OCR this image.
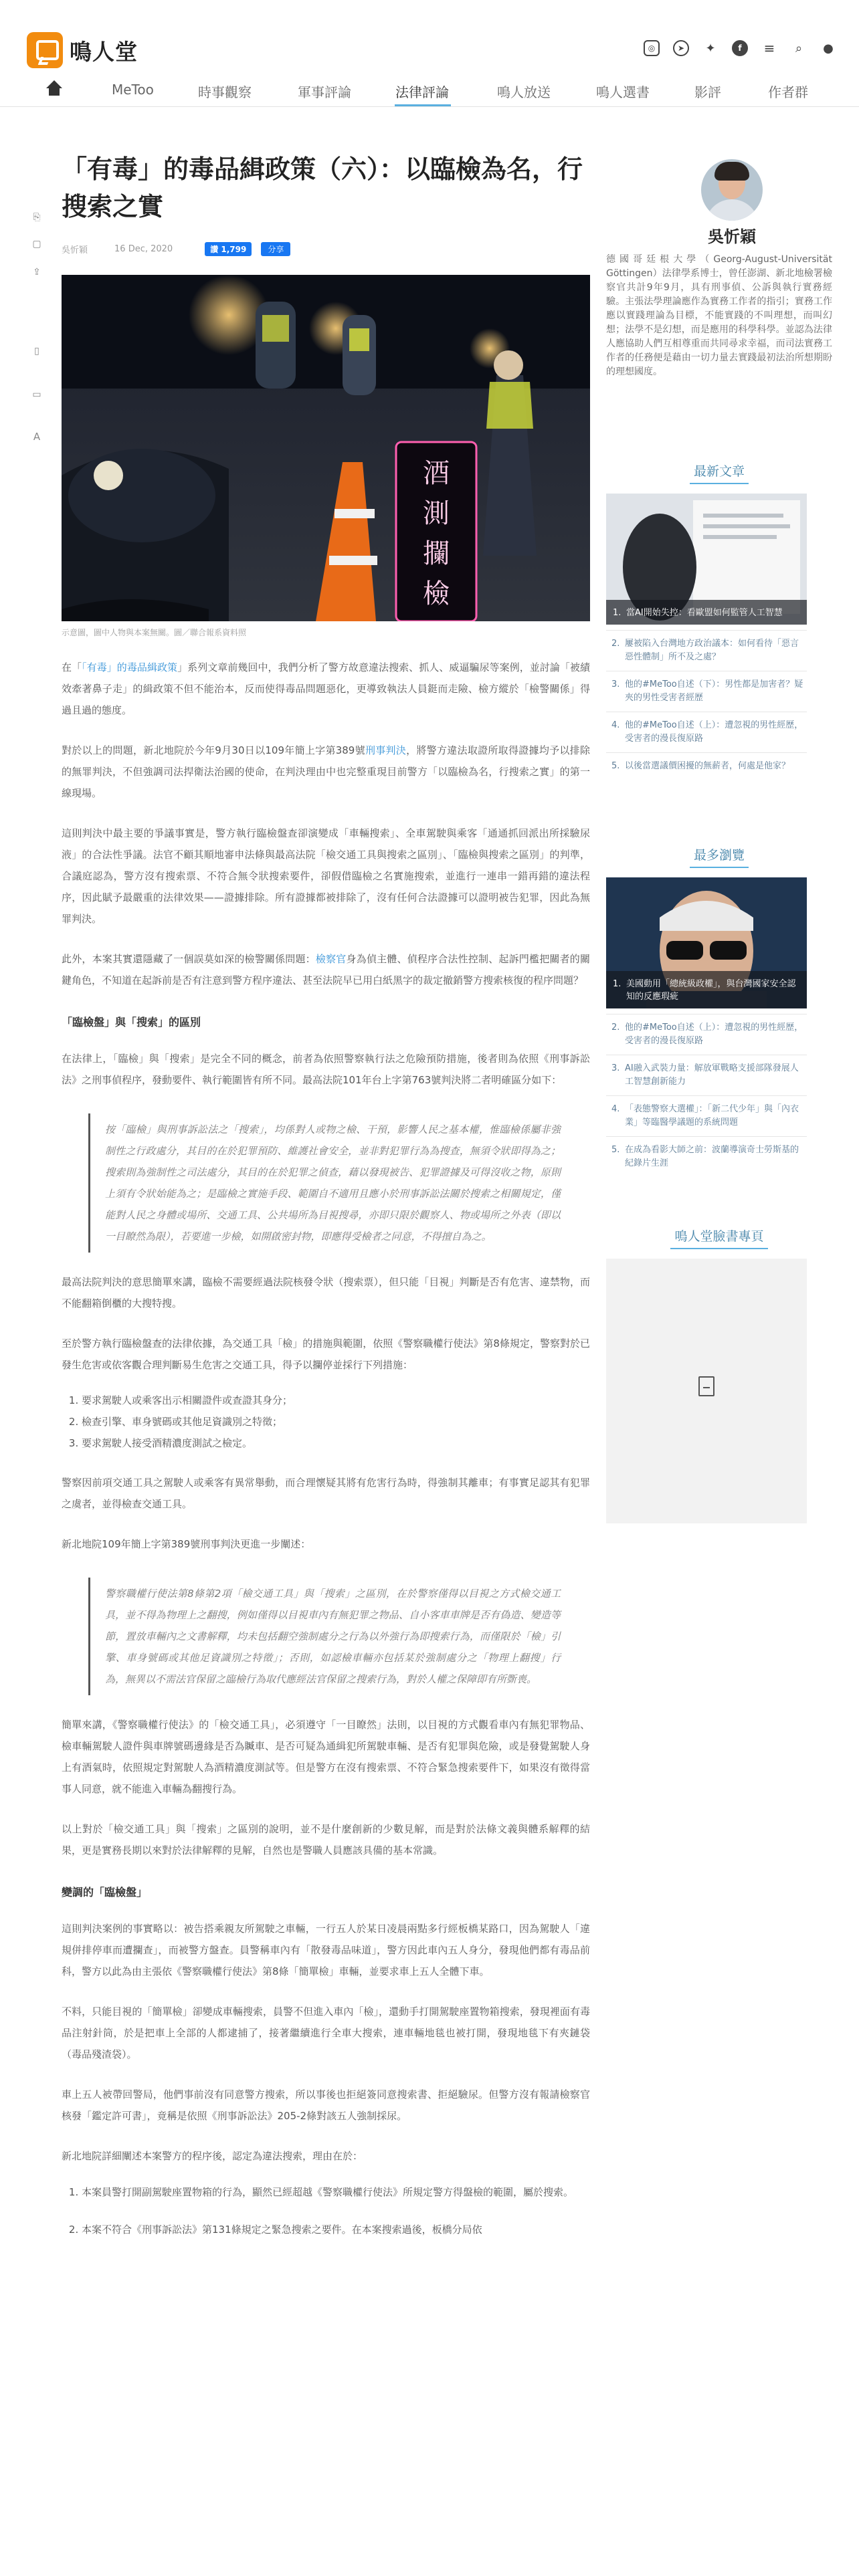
鳴人堂	◎	➤	✦	f	≡	⌕	●
MeToo	時事觀察	軍事評論	法律評論	鳴人放送	鳴人選書	影評	作者群
⎘
▢
⇪
▯
▭
A
「有毒」的毒品緝政策（六）：以臨檢為名，行搜索之實
吳忻穎	16 Dec, 2020	讚 1,799	分享
酒
測
攔
檢
示意圖，圖中人物與本案無關。圖／聯合報系資料照

在「「有毒」的毒品緝政策」系列文章前幾回中，我們分析了警方故意違法搜索、抓人、威逼騙尿等案例，並討論「被績效牽著鼻子走」的緝政策不但不能治本，反而使得毒品問題惡化，更導致執法人員鋌而走險、檢方縱於「檢警關係」得過且過的態度。

對於以上的問題，新北地院於今年9月30日以109年簡上字第389號刑事判決，將警方違法取證所取得證據均予以排除的無罪判決，不但強調司法捍衛法治國的使命，在判決理由中也完整重現目前警方「以臨檢為名，行搜索之實」的第一線現場。

這則判決中最主要的爭議事實是，警方執行臨檢盤查卻演變成「車輛搜索」、全車駕駛與乘客「通通抓回派出所採驗尿液」的合法性爭議。法官不顧其順地審申法條與最高法院「檢交通工具與搜索之區別」、「臨檢與搜索之區別」的判準，合議庭認為，警方沒有搜索票、不符合無令狀搜索要件，卻假借臨檢之名實施搜索，並進行一連串一錯再錯的違法程序，因此賦予最嚴重的法律效果——證據排除。所有證據都被排除了，沒有任何合法證據可以證明被告犯罪，因此為無罪判決。

此外，本案其實還隱藏了一個誤莫如深的檢警關係問題：檢察官身為偵主體、偵程序合法性控制、起訴門檻把關者的關鍵角色，不知道在起訴前是否有注意到警方程序違法、甚至法院早已用白紙黑字的裁定撤銷警方搜索核復的程序問題？

「臨檢盤」與「搜索」的區別

在法律上，「臨檢」與「搜索」是完全不同的概念，前者為依照警察執行法之危險預防措施，後者則為依照《刑事訴訟法》之刑事偵程序，發動要件、執行範圍皆有所不同。最高法院101年台上字第763號判決將二者明確區分如下：

按「臨檢」與刑事訴訟法之「搜索」，均係對人或物之檢、干預，影響人民之基本權，惟臨檢係屬非強制性之行政處分，其目的在於犯罪預防、維護社會安全，並非對犯罪行為為搜查，無須令狀即得為之；搜索則為強制性之司法處分，其目的在於犯罪之偵查，藉以發現被告、犯罪證據及可得沒收之物，原則上須有令狀始能為之；是臨檢之實施手段、範圍自不適用且應小於刑事訴訟法關於搜索之相關規定，僅能對人民之身體或場所、交通工具、公共場所為目視搜尋，亦即只限於觀察人、物或場所之外表（即以一目瞭然為限），若要進一步檢，如開啟密封物，即應得受檢者之同意，不得擅自為之。

最高法院判決的意思簡單來講，臨檢不需要經過法院核發令狀（搜索票），但只能「目視」判斷是否有危害、違禁物，而不能翻箱倒櫃的大搜特搜。

至於警方執行臨檢盤查的法律依據，為交通工具「檢」的措施與範圍，依照《警察職權行使法》第8條規定，警察對於已發生危害或依客觀合理判斷易生危害之交通工具，得予以攔停並採行下列措施：

1. 要求駕駛人或乘客出示相關證件或查證其身分；
2. 檢查引擎、車身號碼或其他足資識別之特徵；
3. 要求駕駛人接受酒精濃度測試之檢定。

警察因前項交通工具之駕駛人或乘客有異常舉動，而合理懷疑其將有危害行為時，得強制其離車；有事實足認其有犯罪之虞者，並得檢查交通工具。

新北地院109年簡上字第389號刑事判決更進一步闡述：

警察職權行使法第8條第2項「檢交通工具」與「搜索」之區別，在於警察僅得以目視之方式檢交通工具，並不得為物理上之翻搜，例如僅得以目視車內有無犯罪之物品、自小客車車牌是否有偽造、變造等節，置放車輛內之文書解釋，均未包括翻空強制處分之行為以外強行為即搜索行為，而僅限於「檢」引擎、車身號碼或其他足資識別之特徵」；否則，如認檢車輛亦包括某於強制處分之「物理上翻搜」行為，無異以不需法官保留之臨檢行為取代應經法官保留之搜索行為，對於人權之保障即有所斲喪。

簡單來講，《警察職權行使法》的「檢交通工具」，必須遵守「一目瞭然」法則，以目視的方式觀看車內有無犯罪物品、檢車輛駕駛人證件與車牌號碼邊緣是否為贓車、是否可疑為通緝犯所駕駛車輛、是否有犯罪與危險，或是發覺駕駛人身上有酒氣時，依照規定對駕駛人為酒精濃度測試等。但是警方在沒有搜索票、不符合緊急搜索要件下，如果沒有徵得當事人同意，就不能進入車輛為翻搜行為。

以上對於「檢交通工具」與「搜索」之區別的說明，並不是什麼創新的少數見解，而是對於法條文義與體系解釋的結果，更是實務長期以來對於法律解釋的見解，自然也是警職人員應該具備的基本常識。

變調的「臨檢盤」

這則判決案例的事實略以：被告搭乘親友所駕駛之車輛，一行五人於某日凌晨兩點多行經板橋某路口，因為駕駛人「違規併排停車而遭攔查」，而被警方盤查。員警稱車內有「散發毒品味道」，警方因此車內五人身分，發現他們都有毒品前科，警方以此為由主張依《警察職權行使法》第8條「簡單檢」車輛，並要求車上五人全體下車。

不料，只能目視的「簡單檢」卻變成車輛搜索，員警不但進入車內「檢」，還動手打開駕駛座置物箱搜索，發現裡面有毒品注射針筒，於是把車上全部的人都逮捕了，接著繼續進行全車大搜索，連車輛地毯也被打開，發現地毯下有夾鏈袋（毒品殘渣袋）。

車上五人被帶回警局，他們事前沒有同意警方搜索，所以事後也拒絕簽同意搜索書、拒絕驗尿。但警方沒有報請檢察官核發「鑑定許可書」，竟稱是依照《刑事訴訟法》205-2條對該五人強制採尿。

新北地院詳細闡述本案警方的程序後，認定為違法搜索，理由在於：

1. 本案員警打開副駕駛座置物箱的行為，顯然已經超越《警察職權行使法》所規定警方得盤檢的範圍，屬於搜索。
2. 本案不符合《刑事訴訟法》第131條規定之緊急搜索之要件。在本案搜索過後，板橋分局依
吳忻穎
德國哥廷根大學（Georg-August-Universität Göttingen）法律學系博士，曾任澎湖、新北地檢署檢察官共計9年9月，具有刑事偵、公訴與執行實務經驗。主張法學理論應作為實務工作者的指引；實務工作應以實踐理論為目標，不能實踐的不叫理想，而叫幻想；法學不是幻想，而是應用的科學科學。並認為法律人應協助人們互相尊重而共同尋求幸福，而司法實務工作者的任務便是藉由一切力量去實踐最初法治所想期盼的理想國度。
最新文章
1. 當AI開始失控：看歐盟如何監管人工智慧
2. 屢被陷入台灣地方政治議本：如何看待「惡言惡性體制」所不及之處？
3. 他的#MeToo自述（下）：男性都是加害者？疑夾的男性受害者經歷
4. 他的#MeToo自述（上）：遭忽視的男性經歷，受害者的漫長復原路
5. 以後當選議價困擾的無薪者，何處是他家？
最多瀏覽
1. 美國動用「總統級政權」，與台灣國家安全認知的反應瑕疵
2. 他的#MeToo自述（上）：遭忽視的男性經歷，受害者的漫長復原路
3. AI融入武裝力量：解放軍戰略支援部隊發展人工智慧創新能力
4. 「表態警察大選權」：「新二代少年」與「內衣業」等臨醫學議題的系統問題
5. 在成為看影大師之前：波蘭導演奇士勞斯基的紀錄片生涯
鳴人堂臉書專頁
